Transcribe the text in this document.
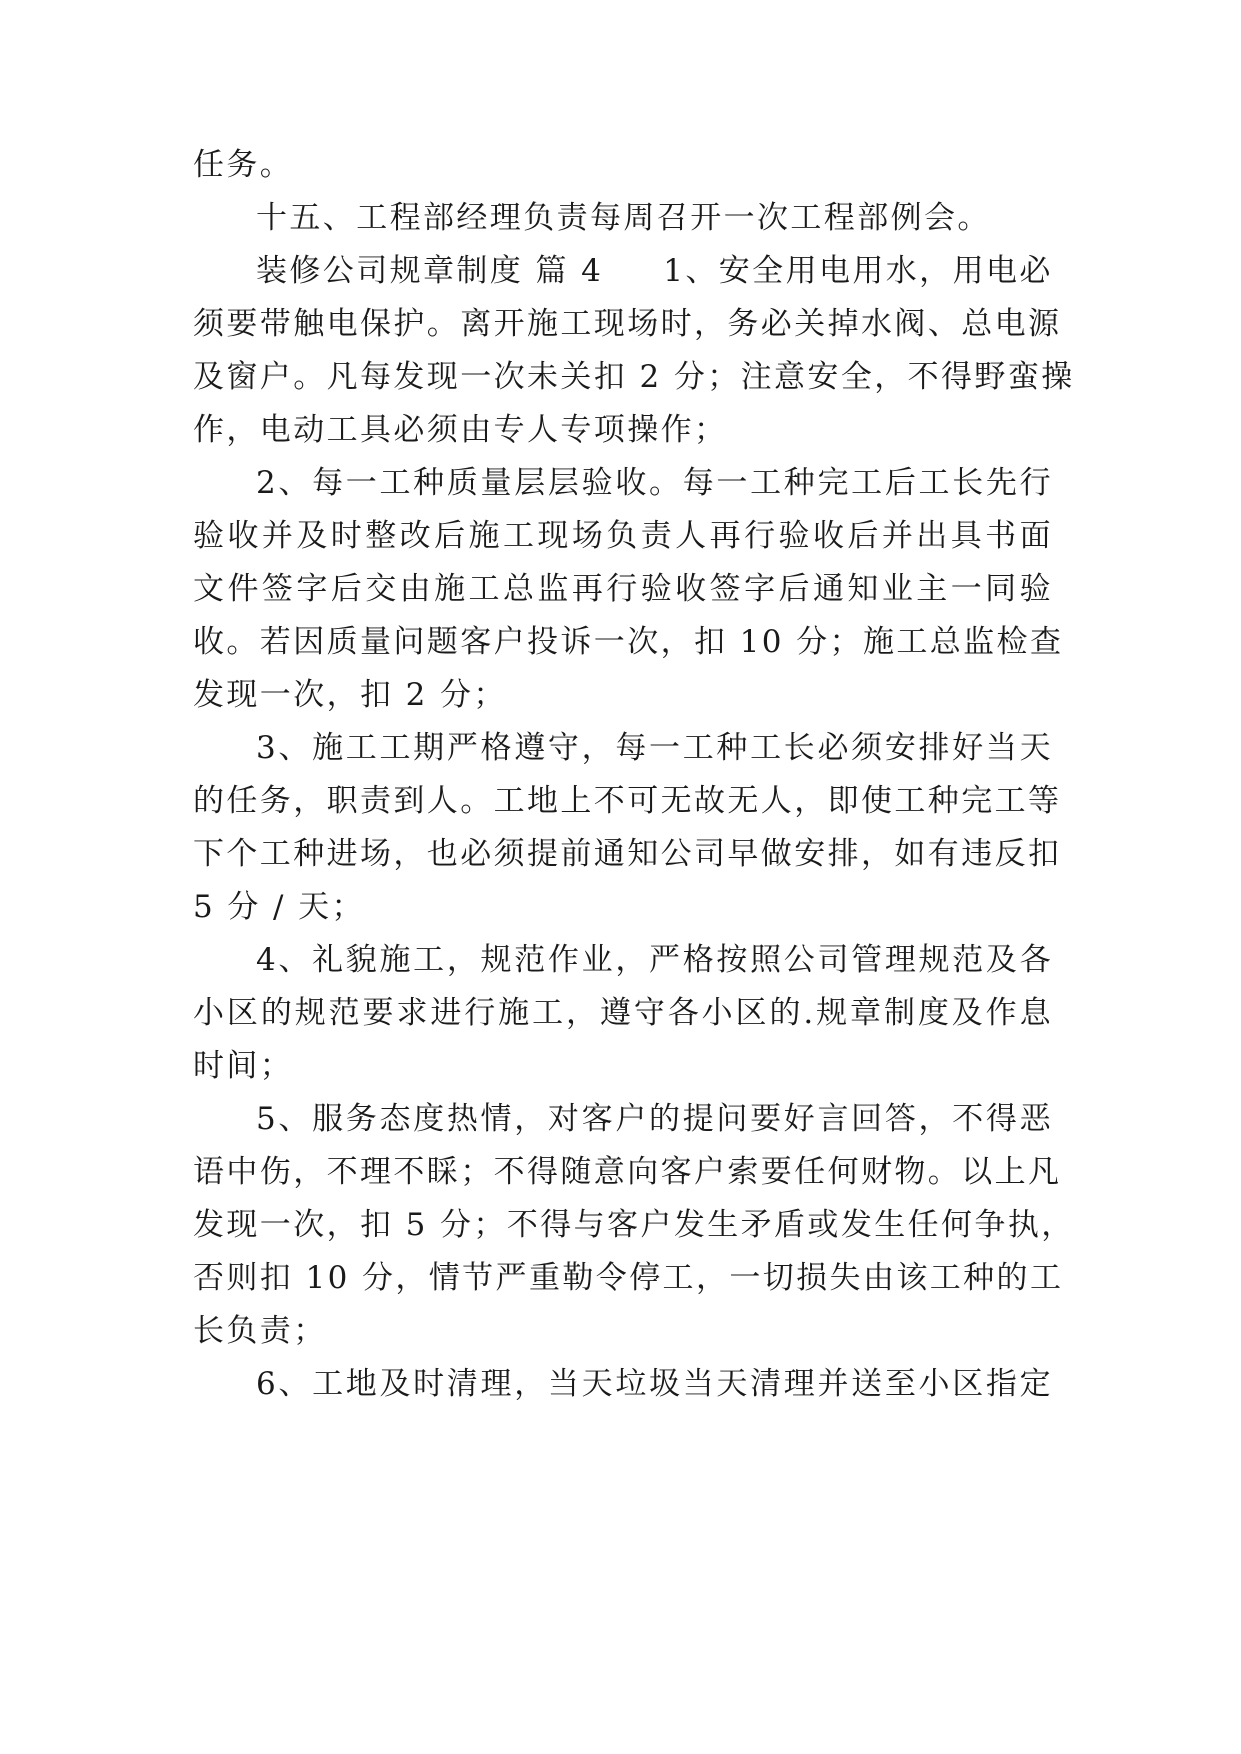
任务。
十五、工程部经理负责每周召开一次工程部例会。
装修公司规章制度 篇 4 1、安全用电用水，用电必
须要带触电保护。离开施工现场时，务必关掉水阀、总电源
及窗户。凡每发现一次未关扣 2 分；注意安全，不得野蛮操
作，电动工具必须由专人专项操作；
2、每一工种质量层层验收。每一工种完工后工长先行
验收并及时整改后施工现场负责人再行验收后并出具书面
文件签字后交由施工总监再行验收签字后通知业主一同验
收。若因质量问题客户投诉一次，扣 10 分；施工总监检查
发现一次，扣 2 分；
3、施工工期严格遵守，每一工种工长必须安排好当天
的任务，职责到人。工地上不可无故无人，即使工种完工等
下个工种进场，也必须提前通知公司早做安排，如有违反扣
5 分 / 天；
4、礼貌施工，规范作业，严格按照公司管理规范及各
小区的规范要求进行施工，遵守各小区的.规章制度及作息
时间；
5、服务态度热情，对客户的提问要好言回答，不得恶
语中伤，不理不睬；不得随意向客户索要任何财物。以上凡
发现一次，扣 5 分；不得与客户发生矛盾或发生任何争执，
否则扣 10 分，情节严重勒令停工，一切损失由该工种的工
长负责；
6、工地及时清理，当天垃圾当天清理并送至小区指定
